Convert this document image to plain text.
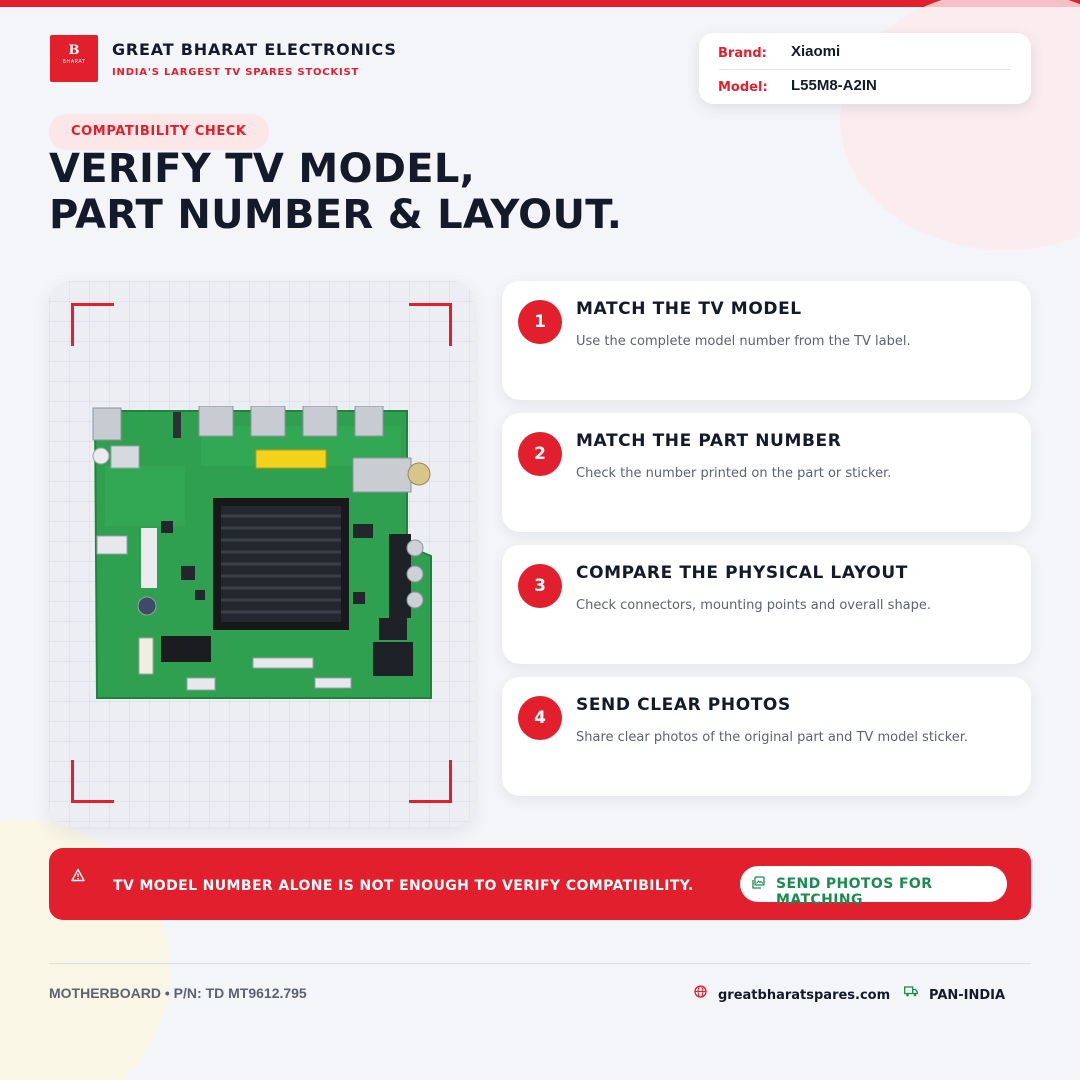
B
BHARAT
GREAT BHARAT ELECTRONICS
INDIA'S LARGEST TV SPARES STOCKIST
Brand: Xiaomi
Model: L55M8-A2IN
COMPATIBILITY CHECK
VERIFY TV MODEL,
PART NUMBER & LAYOUT.
1
MATCH THE TV MODEL
Use the complete model number from the TV label.
2
MATCH THE PART NUMBER
Check the number printed on the part or sticker.
3
COMPARE THE PHYSICAL LAYOUT
Check connectors, mounting points and overall shape.
4
SEND CLEAR PHOTOS
Share clear photos of the original part and TV model sticker.
TV MODEL NUMBER ALONE IS NOT ENOUGH TO VERIFY COMPATIBILITY.	SEND PHOTOS FOR MATCHING
MOTHERBOARD • P/N: TD MT9612.795	greatbharatspares.com	PAN-INDIA
